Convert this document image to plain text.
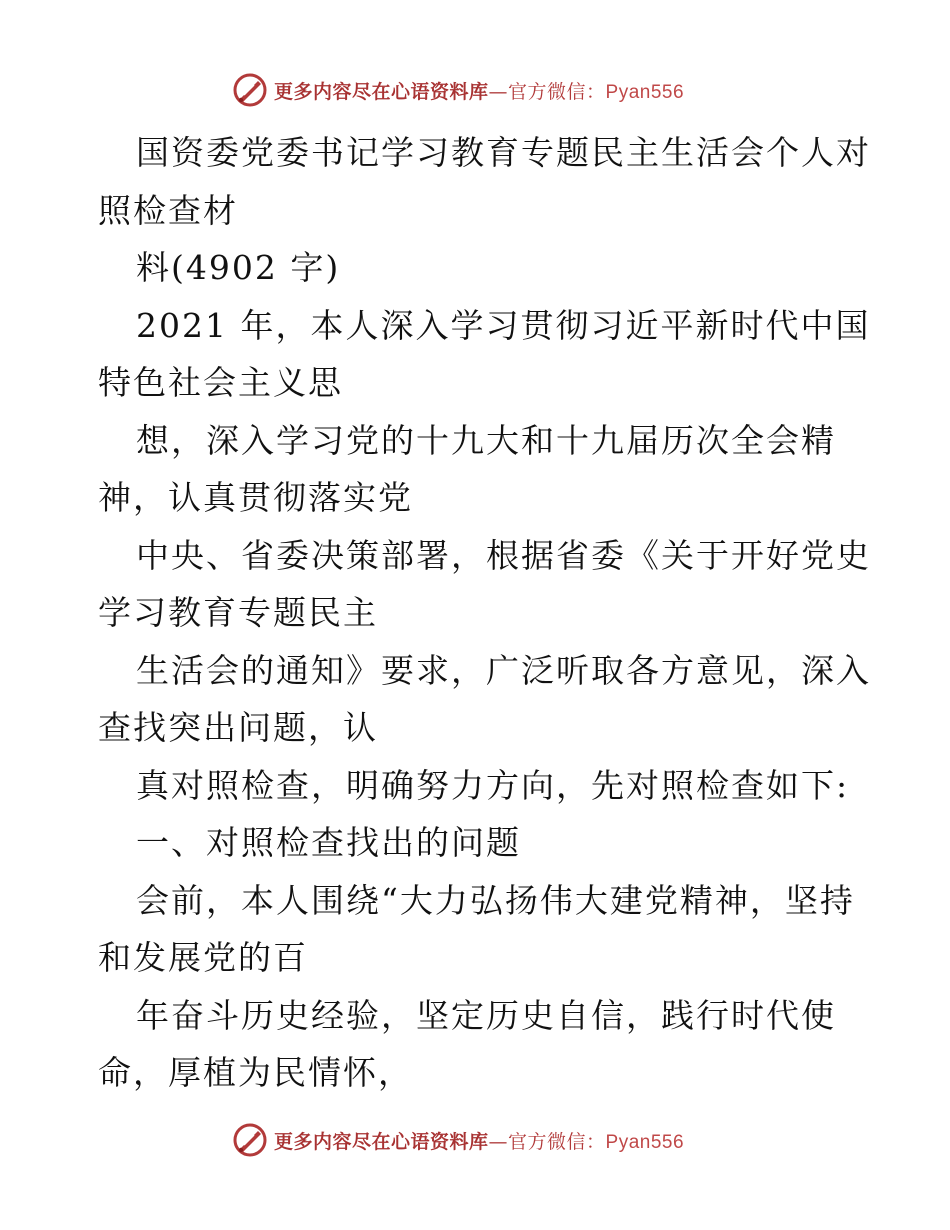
更多内容尽在心语资料库—官方微信：Pyan556
国资委党委书记学习教育专题民主生活会个人对
照检查材
料(4902 字)
2021 年，本人深入学习贯彻习近平新时代中国
特色社会主义思
想，深入学习党的十九大和十九届历次全会精
神，认真贯彻落实党
中央、省委决策部署，根据省委《关于开好党史
学习教育专题民主
生活会的通知》要求，广泛听取各方意见，深入
查找突出问题，认
真对照检查，明确努力方向，先对照检查如下:
一、对照检查找出的问题
会前，本人围绕“大力弘扬伟大建党精神，坚持
和发展党的百
年奋斗历史经验，坚定历史自信，践行时代使
命，厚植为民情怀，
更多内容尽在心语资料库—官方微信：Pyan556
